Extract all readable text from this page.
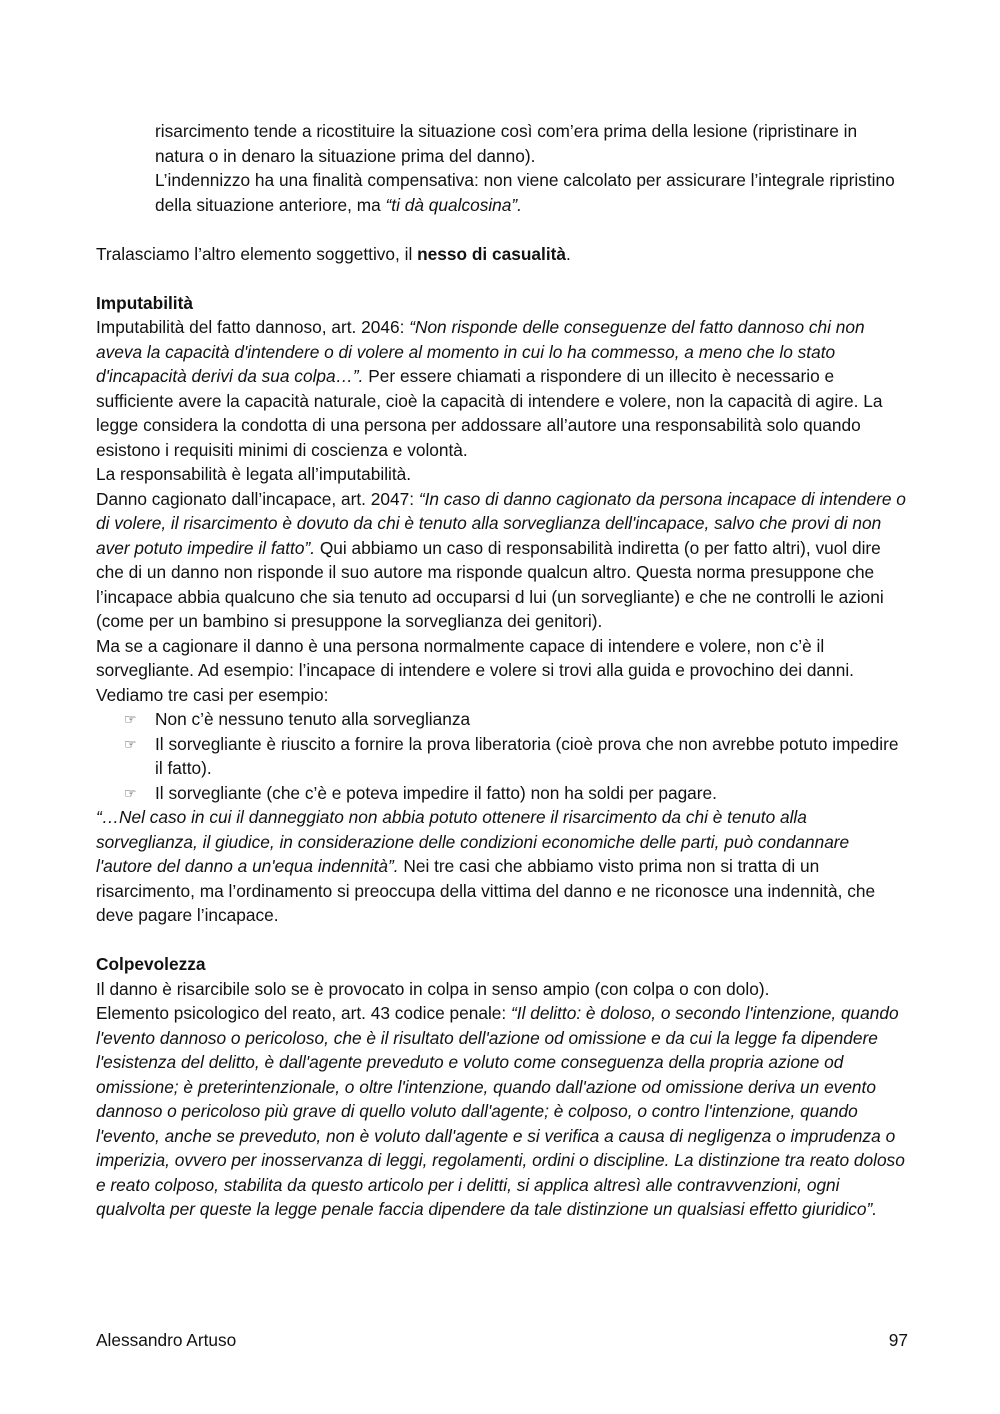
risarcimento tende a ricostituire la situazione così com’era prima della lesione (ripristinare in natura o in denaro la situazione prima del danno).

L’indennizzo ha una finalità compensativa: non viene calcolato per assicurare l’integrale ripristino della situazione anteriore, ma “ti dà qualcosina”.

Tralasciamo l’altro elemento soggettivo, il nesso di casualità.

Imputabilità

Imputabilità del fatto dannoso, art. 2046: “Non risponde delle conseguenze del fatto dannoso chi non aveva la capacità d'intendere o di volere al momento in cui lo ha commesso, a meno che lo stato d'incapacità derivi da sua colpa…”. Per essere chiamati a rispondere di un illecito è necessario e sufficiente avere la capacità naturale, cioè la capacità di intendere e volere, non la capacità di agire. La legge considera la condotta di una persona per addossare all’autore una responsabilità solo quando esistono i requisiti minimi di coscienza e volontà.

La responsabilità è legata all’imputabilità.

Danno cagionato dall’incapace, art. 2047: “In caso di danno cagionato da persona incapace di intendere o di volere, il risarcimento è dovuto da chi è tenuto alla sorveglianza dell'incapace, salvo che provi di non aver potuto impedire il fatto”. Qui abbiamo un caso di responsabilità indiretta (o per fatto altri), vuol dire che di un danno non risponde il suo autore ma risponde qualcun altro. Questa norma presuppone che l’incapace abbia qualcuno che sia tenuto ad occuparsi d lui (un sorvegliante) e che ne controlli le azioni (come per un bambino si presuppone la sorveglianza dei genitori).

Ma se a cagionare il danno è una persona normalmente capace di intendere e volere, non c’è il sorvegliante. Ad esempio: l’incapace di intendere e volere si trovi alla guida e provochino dei danni. Vediamo tre casi per esempio:

☞ Non c’è nessuno tenuto alla sorveglianza
☞ Il sorvegliante è riuscito a fornire la prova liberatoria (cioè prova che non avrebbe potuto impedire il fatto).
☞ Il sorvegliante (che c’è e poteva impedire il fatto) non ha soldi per pagare.

“…Nel caso in cui il danneggiato non abbia potuto ottenere il risarcimento da chi è tenuto alla sorveglianza, il giudice, in considerazione delle condizioni economiche delle parti, può condannare l'autore del danno a un'equa indennità”. Nei tre casi che abbiamo visto prima non si tratta di un risarcimento, ma l’ordinamento si preoccupa della vittima del danno e ne riconosce una indennità, che deve pagare l’incapace.

Colpevolezza

Il danno è risarcibile solo se è provocato in colpa in senso ampio (con colpa o con dolo).

Elemento psicologico del reato, art. 43 codice penale: “Il delitto: è doloso, o secondo l'intenzione, quando l'evento dannoso o pericoloso, che è il risultato dell'azione od omissione e da cui la legge fa dipendere l'esistenza del delitto, è dall'agente preveduto e voluto come conseguenza della propria azione od omissione; è preterintenzionale, o oltre l'intenzione, quando dall'azione od omissione deriva un evento dannoso o pericoloso più grave di quello voluto dall'agente; è colposo, o contro l'intenzione, quando l'evento, anche se preveduto, non è voluto dall'agente e si verifica a causa di negligenza o imprudenza o imperizia, ovvero per inosservanza di leggi, regolamenti, ordini o discipline. La distinzione tra reato doloso e reato colposo, stabilita da questo articolo per i delitti, si applica altresì alle contravvenzioni, ogni qualvolta per queste la legge penale faccia dipendere da tale distinzione un qualsiasi effetto giuridico”.

Alessandro Artuso	97
